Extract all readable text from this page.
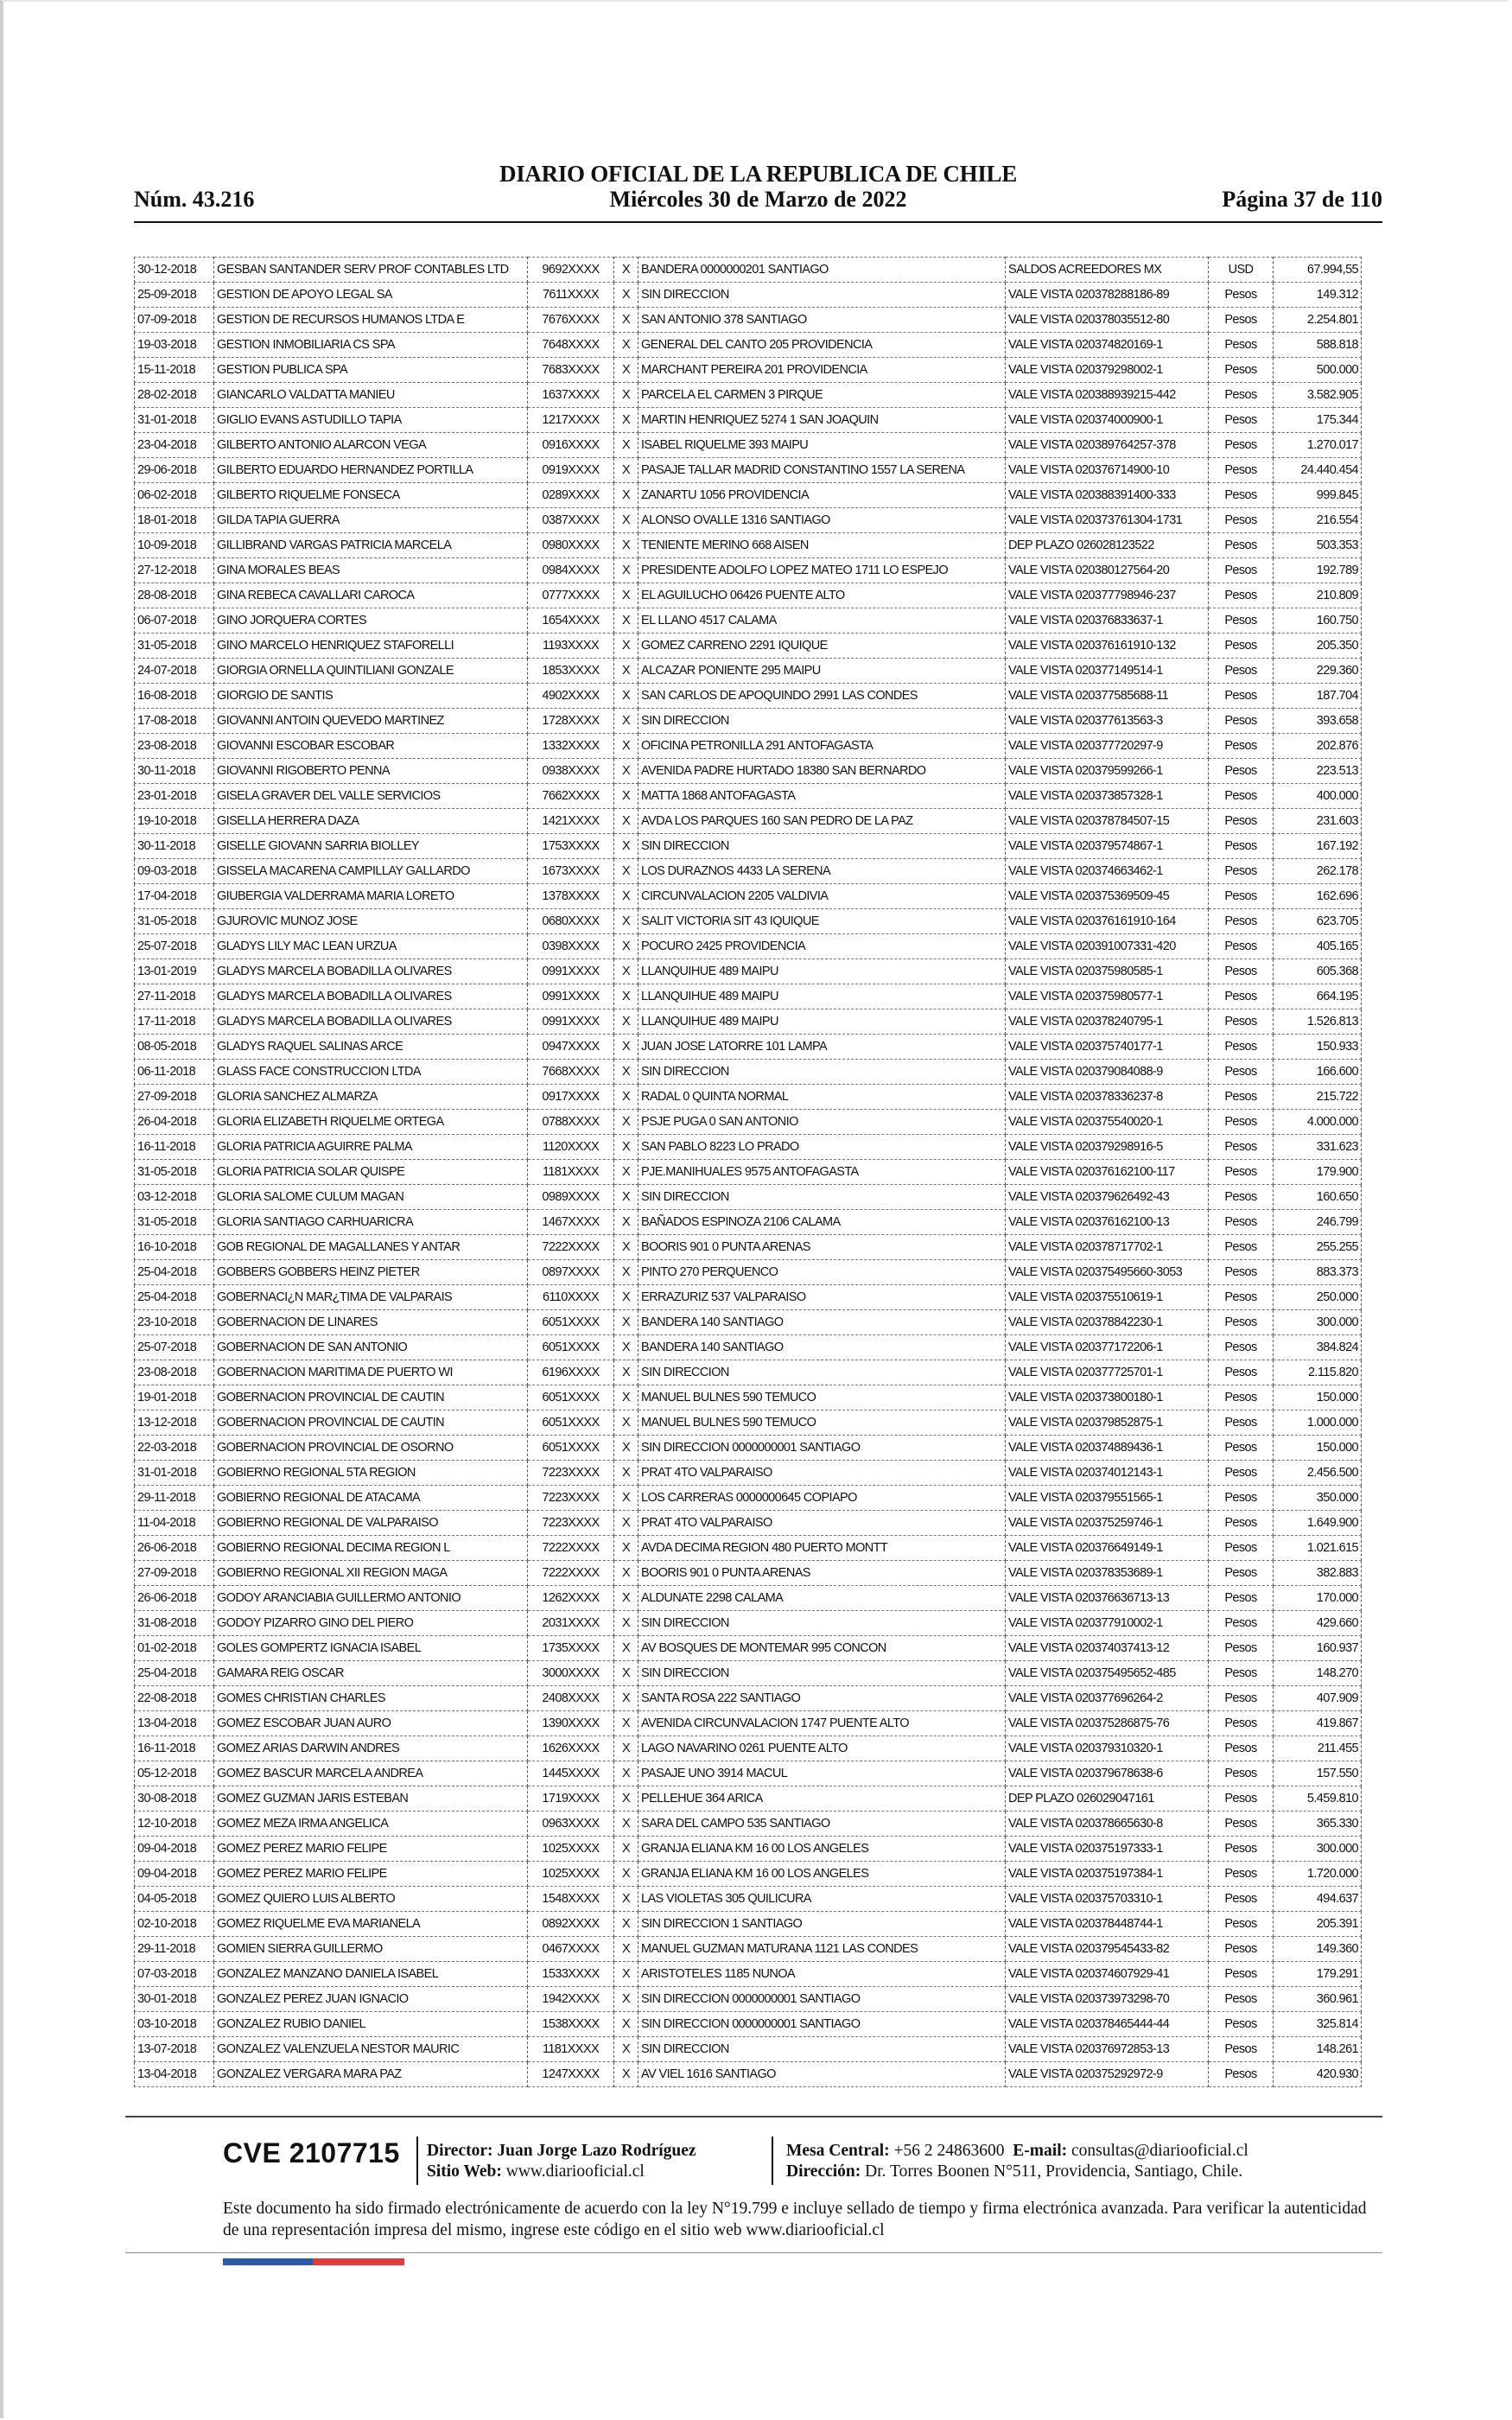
DIARIO OFICIAL DE LA REPUBLICA DE CHILE
Núm. 43.216	Miércoles 30 de Marzo de 2022	Página 37 de 110
30-12-2018	GESBAN SANTANDER SERV PROF CONTABLES LTD	9692XXXX	X	BANDERA 0000000201 SANTIAGO	SALDOS ACREEDORES MX	USD	67.994,55
25-09-2018	GESTION DE APOYO LEGAL SA	7611XXXX	X	SIN DIRECCION	VALE VISTA 020378288186-89	Pesos	149.312
07-09-2018	GESTION DE RECURSOS HUMANOS LTDA E	7676XXXX	X	SAN ANTONIO 378 SANTIAGO	VALE VISTA 020378035512-80	Pesos	2.254.801
19-03-2018	GESTION INMOBILIARIA CS SPA	7648XXXX	X	GENERAL DEL CANTO 205 PROVIDENCIA	VALE VISTA 020374820169-1	Pesos	588.818
15-11-2018	GESTION PUBLICA SPA	7683XXXX	X	MARCHANT PEREIRA 201 PROVIDENCIA	VALE VISTA 020379298002-1	Pesos	500.000
28-02-2018	GIANCARLO VALDATTA MANIEU	1637XXXX	X	PARCELA EL CARMEN 3 PIRQUE	VALE VISTA 020388939215-442	Pesos	3.582.905
31-01-2018	GIGLIO EVANS ASTUDILLO TAPIA	1217XXXX	X	MARTIN HENRIQUEZ 5274 1 SAN JOAQUIN	VALE VISTA 020374000900-1	Pesos	175.344
23-04-2018	GILBERTO ANTONIO ALARCON VEGA	0916XXXX	X	ISABEL RIQUELME 393 MAIPU	VALE VISTA 020389764257-378	Pesos	1.270.017
29-06-2018	GILBERTO EDUARDO HERNANDEZ PORTILLA	0919XXXX	X	PASAJE TALLAR MADRID CONSTANTINO 1557 LA SERENA	VALE VISTA 020376714900-10	Pesos	24.440.454
06-02-2018	GILBERTO RIQUELME FONSECA	0289XXXX	X	ZANARTU 1056 PROVIDENCIA	VALE VISTA 020388391400-333	Pesos	999.845
18-01-2018	GILDA TAPIA GUERRA	0387XXXX	X	ALONSO OVALLE 1316 SANTIAGO	VALE VISTA 020373761304-1731	Pesos	216.554
10-09-2018	GILLIBRAND VARGAS PATRICIA MARCELA	0980XXXX	X	TENIENTE MERINO 668 AISEN	DEP PLAZO 026028123522	Pesos	503.353
27-12-2018	GINA MORALES BEAS	0984XXXX	X	PRESIDENTE ADOLFO LOPEZ MATEO 1711 LO ESPEJO	VALE VISTA 020380127564-20	Pesos	192.789
28-08-2018	GINA REBECA CAVALLARI CAROCA	0777XXXX	X	EL AGUILUCHO 06426 PUENTE ALTO	VALE VISTA 020377798946-237	Pesos	210.809
06-07-2018	GINO JORQUERA CORTES	1654XXXX	X	EL LLANO 4517 CALAMA	VALE VISTA 020376833637-1	Pesos	160.750
31-05-2018	GINO MARCELO HENRIQUEZ STAFORELLI	1193XXXX	X	GOMEZ CARRENO 2291 IQUIQUE	VALE VISTA 020376161910-132	Pesos	205.350
24-07-2018	GIORGIA ORNELLA QUINTILIANI GONZALE	1853XXXX	X	ALCAZAR PONIENTE 295 MAIPU	VALE VISTA 020377149514-1	Pesos	229.360
16-08-2018	GIORGIO DE SANTIS	4902XXXX	X	SAN CARLOS DE APOQUINDO 2991 LAS CONDES	VALE VISTA 020377585688-11	Pesos	187.704
17-08-2018	GIOVANNI ANTOIN QUEVEDO MARTINEZ	1728XXXX	X	SIN DIRECCION	VALE VISTA 020377613563-3	Pesos	393.658
23-08-2018	GIOVANNI ESCOBAR ESCOBAR	1332XXXX	X	OFICINA PETRONILLA 291 ANTOFAGASTA	VALE VISTA 020377720297-9	Pesos	202.876
30-11-2018	GIOVANNI RIGOBERTO PENNA	0938XXXX	X	AVENIDA PADRE HURTADO 18380 SAN BERNARDO	VALE VISTA 020379599266-1	Pesos	223.513
23-01-2018	GISELA GRAVER DEL VALLE SERVICIOS	7662XXXX	X	MATTA 1868 ANTOFAGASTA	VALE VISTA 020373857328-1	Pesos	400.000
19-10-2018	GISELLA HERRERA DAZA	1421XXXX	X	AVDA LOS PARQUES 160 SAN PEDRO DE LA PAZ	VALE VISTA 020378784507-15	Pesos	231.603
30-11-2018	GISELLE GIOVANN SARRIA BIOLLEY	1753XXXX	X	SIN DIRECCION	VALE VISTA 020379574867-1	Pesos	167.192
09-03-2018	GISSELA MACARENA CAMPILLAY GALLARDO	1673XXXX	X	LOS DURAZNOS 4433 LA SERENA	VALE VISTA 020374663462-1	Pesos	262.178
17-04-2018	GIUBERGIA VALDERRAMA MARIA LORETO	1378XXXX	X	CIRCUNVALACION 2205 VALDIVIA	VALE VISTA 020375369509-45	Pesos	162.696
31-05-2018	GJUROVIC MUNOZ JOSE	0680XXXX	X	SALIT VICTORIA SIT 43 IQUIQUE	VALE VISTA 020376161910-164	Pesos	623.705
25-07-2018	GLADYS LILY MAC LEAN URZUA	0398XXXX	X	POCURO 2425 PROVIDENCIA	VALE VISTA 020391007331-420	Pesos	405.165
13-01-2019	GLADYS MARCELA BOBADILLA OLIVARES	0991XXXX	X	LLANQUIHUE 489 MAIPU	VALE VISTA 020375980585-1	Pesos	605.368
27-11-2018	GLADYS MARCELA BOBADILLA OLIVARES	0991XXXX	X	LLANQUIHUE 489 MAIPU	VALE VISTA 020375980577-1	Pesos	664.195
17-11-2018	GLADYS MARCELA BOBADILLA OLIVARES	0991XXXX	X	LLANQUIHUE 489 MAIPU	VALE VISTA 020378240795-1	Pesos	1.526.813
08-05-2018	GLADYS RAQUEL SALINAS ARCE	0947XXXX	X	JUAN JOSE LATORRE 101 LAMPA	VALE VISTA 020375740177-1	Pesos	150.933
06-11-2018	GLASS FACE CONSTRUCCION LTDA	7668XXXX	X	SIN DIRECCION	VALE VISTA 020379084088-9	Pesos	166.600
27-09-2018	GLORIA SANCHEZ ALMARZA	0917XXXX	X	RADAL 0 QUINTA NORMAL	VALE VISTA 020378336237-8	Pesos	215.722
26-04-2018	GLORIA ELIZABETH RIQUELME ORTEGA	0788XXXX	X	PSJE PUGA 0 SAN ANTONIO	VALE VISTA 020375540020-1	Pesos	4.000.000
16-11-2018	GLORIA PATRICIA AGUIRRE PALMA	1120XXXX	X	SAN PABLO 8223 LO PRADO	VALE VISTA 020379298916-5	Pesos	331.623
31-05-2018	GLORIA PATRICIA SOLAR QUISPE	1181XXXX	X	PJE.MANIHUALES 9575 ANTOFAGASTA	VALE VISTA 020376162100-117	Pesos	179.900
03-12-2018	GLORIA SALOME CULUM MAGAN	0989XXXX	X	SIN DIRECCION	VALE VISTA 020379626492-43	Pesos	160.650
31-05-2018	GLORIA SANTIAGO CARHUARICRA	1467XXXX	X	BAÑADOS ESPINOZA 2106 CALAMA	VALE VISTA 020376162100-13	Pesos	246.799
16-10-2018	GOB REGIONAL DE MAGALLANES Y ANTAR	7222XXXX	X	BOORIS 901 0 PUNTA ARENAS	VALE VISTA 020378717702-1	Pesos	255.255
25-04-2018	GOBBERS GOBBERS HEINZ PIETER	0897XXXX	X	PINTO 270 PERQUENCO	VALE VISTA 020375495660-3053	Pesos	883.373
25-04-2018	GOBERNACI¿N MAR¿TIMA DE VALPARAIS	6110XXXX	X	ERRAZURIZ 537 VALPARAISO	VALE VISTA 020375510619-1	Pesos	250.000
23-10-2018	GOBERNACION DE LINARES	6051XXXX	X	BANDERA 140 SANTIAGO	VALE VISTA 020378842230-1	Pesos	300.000
25-07-2018	GOBERNACION DE SAN ANTONIO	6051XXXX	X	BANDERA 140 SANTIAGO	VALE VISTA 020377172206-1	Pesos	384.824
23-08-2018	GOBERNACION MARITIMA DE PUERTO WI	6196XXXX	X	SIN DIRECCION	VALE VISTA 020377725701-1	Pesos	2.115.820
19-01-2018	GOBERNACION PROVINCIAL DE CAUTIN	6051XXXX	X	MANUEL BULNES 590 TEMUCO	VALE VISTA 020373800180-1	Pesos	150.000
13-12-2018	GOBERNACION PROVINCIAL DE CAUTIN	6051XXXX	X	MANUEL BULNES 590 TEMUCO	VALE VISTA 020379852875-1	Pesos	1.000.000
22-03-2018	GOBERNACION PROVINCIAL DE OSORNO	6051XXXX	X	SIN DIRECCION 0000000001 SANTIAGO	VALE VISTA 020374889436-1	Pesos	150.000
31-01-2018	GOBIERNO REGIONAL 5TA REGION	7223XXXX	X	PRAT 4TO VALPARAISO	VALE VISTA 020374012143-1	Pesos	2.456.500
29-11-2018	GOBIERNO REGIONAL DE ATACAMA	7223XXXX	X	LOS CARRERAS 0000000645 COPIAPO	VALE VISTA 020379551565-1	Pesos	350.000
11-04-2018	GOBIERNO REGIONAL DE VALPARAISO	7223XXXX	X	PRAT 4TO VALPARAISO	VALE VISTA 020375259746-1	Pesos	1.649.900
26-06-2018	GOBIERNO REGIONAL DECIMA REGION L	7222XXXX	X	AVDA DECIMA REGION 480 PUERTO MONTT	VALE VISTA 020376649149-1	Pesos	1.021.615
27-09-2018	GOBIERNO REGIONAL XII REGION MAGA	7222XXXX	X	BOORIS 901 0 PUNTA ARENAS	VALE VISTA 020378353689-1	Pesos	382.883
26-06-2018	GODOY ARANCIABIA GUILLERMO ANTONIO	1262XXXX	X	ALDUNATE 2298 CALAMA	VALE VISTA 020376636713-13	Pesos	170.000
31-08-2018	GODOY PIZARRO GINO DEL PIERO	2031XXXX	X	SIN DIRECCION	VALE VISTA 020377910002-1	Pesos	429.660
01-02-2018	GOLES GOMPERTZ IGNACIA ISABEL	1735XXXX	X	AV BOSQUES DE MONTEMAR 995 CONCON	VALE VISTA 020374037413-12	Pesos	160.937
25-04-2018	GAMARA REIG OSCAR	3000XXXX	X	SIN DIRECCION	VALE VISTA 020375495652-485	Pesos	148.270
22-08-2018	GOMES CHRISTIAN CHARLES	2408XXXX	X	SANTA ROSA 222 SANTIAGO	VALE VISTA 020377696264-2	Pesos	407.909
13-04-2018	GOMEZ ESCOBAR JUAN AURO	1390XXXX	X	AVENIDA CIRCUNVALACION 1747 PUENTE ALTO	VALE VISTA 020375286875-76	Pesos	419.867
16-11-2018	GOMEZ ARIAS DARWIN ANDRES	1626XXXX	X	LAGO NAVARINO 0261 PUENTE ALTO	VALE VISTA 020379310320-1	Pesos	211.455
05-12-2018	GOMEZ BASCUR MARCELA ANDREA	1445XXXX	X	PASAJE UNO 3914 MACUL	VALE VISTA 020379678638-6	Pesos	157.550
30-08-2018	GOMEZ GUZMAN JARIS ESTEBAN	1719XXXX	X	PELLEHUE 364 ARICA	DEP PLAZO 026029047161	Pesos	5.459.810
12-10-2018	GOMEZ MEZA IRMA ANGELICA	0963XXXX	X	SARA DEL CAMPO 535 SANTIAGO	VALE VISTA 020378665630-8	Pesos	365.330
09-04-2018	GOMEZ PEREZ MARIO FELIPE	1025XXXX	X	GRANJA ELIANA KM 16 00 LOS ANGELES	VALE VISTA 020375197333-1	Pesos	300.000
09-04-2018	GOMEZ PEREZ MARIO FELIPE	1025XXXX	X	GRANJA ELIANA KM 16 00 LOS ANGELES	VALE VISTA 020375197384-1	Pesos	1.720.000
04-05-2018	GOMEZ QUIERO LUIS ALBERTO	1548XXXX	X	LAS VIOLETAS 305 QUILICURA	VALE VISTA 020375703310-1	Pesos	494.637
02-10-2018	GOMEZ RIQUELME EVA MARIANELA	0892XXXX	X	SIN DIRECCION 1 SANTIAGO	VALE VISTA 020378448744-1	Pesos	205.391
29-11-2018	GOMIEN SIERRA GUILLERMO	0467XXXX	X	MANUEL GUZMAN MATURANA 1121 LAS CONDES	VALE VISTA 020379545433-82	Pesos	149.360
07-03-2018	GONZALEZ MANZANO DANIELA ISABEL	1533XXXX	X	ARISTOTELES 1185 NUNOA	VALE VISTA 020374607929-41	Pesos	179.291
30-01-2018	GONZALEZ PEREZ JUAN IGNACIO	1942XXXX	X	SIN DIRECCION 0000000001 SANTIAGO	VALE VISTA 020373973298-70	Pesos	360.961
03-10-2018	GONZALEZ RUBIO DANIEL	1538XXXX	X	SIN DIRECCION 0000000001 SANTIAGO	VALE VISTA 020378465444-44	Pesos	325.814
13-07-2018	GONZALEZ VALENZUELA NESTOR MAURIC	1181XXXX	X	SIN DIRECCION	VALE VISTA 020376972853-13	Pesos	148.261
13-04-2018	GONZALEZ VERGARA MARA PAZ	1247XXXX	X	AV VIEL 1616 SANTIAGO	VALE VISTA 020375292972-9	Pesos	420.930
CVE 2107715 Director: Juan Jorge Lazo Rodríguez
Sitio Web: www.diariooficial.cl
Mesa Central: +56 2 24863600 E-mail: consultas@diariooficial.cl
Dirección: Dr. Torres Boonen N°511, Providencia, Santiago, Chile.
Este documento ha sido firmado electrónicamente de acuerdo con la ley N°19.799 e incluye sellado de tiempo y firma electrónica avanzada. Para verificar la autenticidad de una representación impresa del mismo, ingrese este código en el sitio web www.diariooficial.cl
